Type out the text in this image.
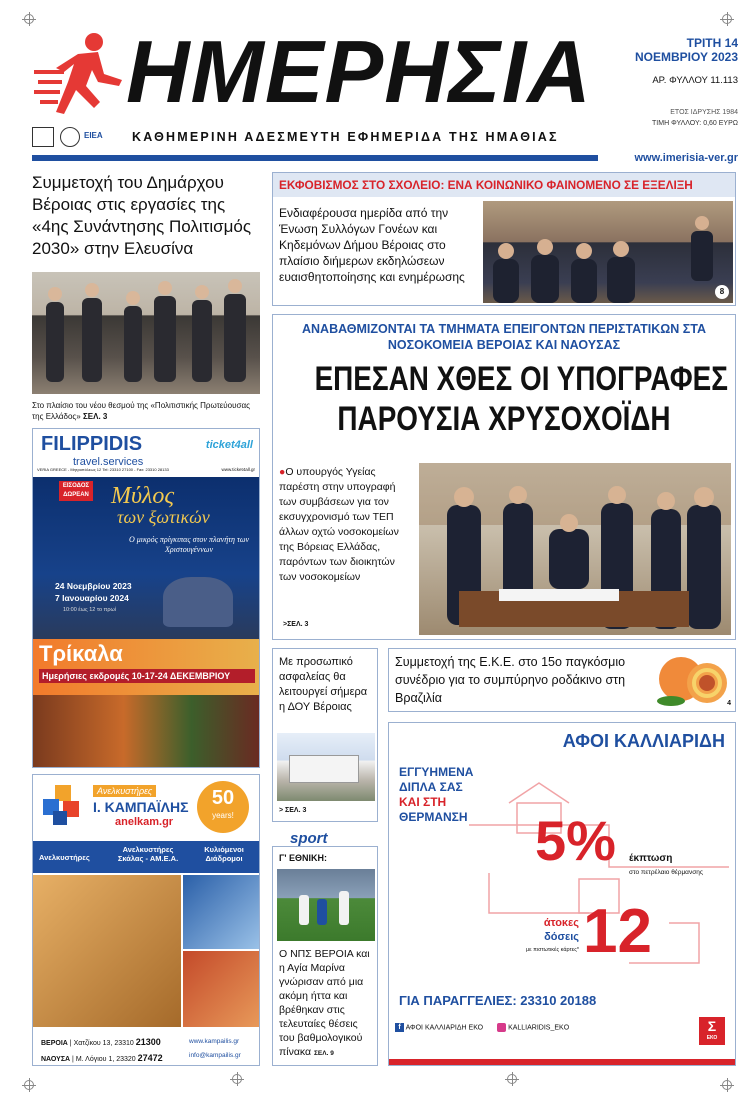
ΗΜΕΡΗΣΙΑ
ΕΙΕΑ ΚΑΘΗΜΕΡΙΝΗ ΑΔΕΣΜΕΥΤΗ ΕΦΗΜΕΡΙΔΑ ΤΗΣ ΗΜΑΘΙΑΣ
ΤΡΙΤΗ 14
ΝΟΕΜΒΡΙΟΥ 2023
ΑΡ. ΦΥΛΛΟΥ 11.113
ΕΤΟΣ ΙΔΡΥΣΗΣ 1984
ΤΙΜΗ ΦΥΛΛΟΥ: 0,60 ΕΥΡΩ
www.imerisia-ver.gr
Συμμετοχή του Δημάρχου Βέροιας στις εργασίες της «4ης Συνάντησης Πολιτισμός 2030» στην Ελευσίνα
Στο πλαίσιο του νέου θεσμού της «Πολιτιστικής Πρωτεύουσας της Ελλάδος» ΣΕΛ. 3
FILIPPIDIS
travel.services
ticket4all
VERIA GREECE - Μητροπόλεως 12 Tel: 23310 27100 - Fax: 23310 28133	www.ticket4all.gr
ΕΙΣΟΔΟΣ ΔΩΡΕΑΝ Μύλος
των ξωτικών
Ο μικρός πρίγκιπας στον πλανήτη των Χριστουγέννων
24 Νοεμβρίου 2023
7 Ιανουαρίου 2024
10:00 έως 12 το πρωί
Τρίκαλα
Ημερήσιες εκδρομές 10-17-24 ΔΕΚΕΜΒΡΙΟΥ
Ανελκυστήρες
Ι. ΚΑΜΠΑΪΛΗΣ
anelkam.gr
50
years!
Ανελκυστήρες
Ανελκυστήρες Σκάλας - ΑΜ.Ε.Α.
Κυλιόμενοι Διάδρομοι
ΒΕΡΟΙΑ | Χατζίκου 13, 23310 21300
ΝΑΟΥΣΑ | Μ. Λόγιου 1, 23320 27472
www.kampailis.gr
info@kampailis.gr
ΕΚΦΟΒΙΣΜΟΣ ΣΤΟ ΣΧΟΛΕΙΟ: ΕΝΑ ΚΟΙΝΩΝΙΚΟ ΦΑΙΝΟΜΕΝΟ ΣΕ ΕΞΕΛΙΞΗ
Ενδιαφέρουσα ημερίδα από την Ένωση Συλλόγων Γονέων και Κηδεμόνων Δήμου Βέροιας στο πλαίσιο διήμερων εκδηλώσεων ευαισθητοποίησης και ενημέρωσης
8
ΑΝΑΒΑΘΜΙΖΟΝΤΑΙ ΤΑ ΤΜΗΜΑΤΑ ΕΠΕΙΓΟΝΤΩΝ ΠΕΡΙΣΤΑΤΙΚΩΝ ΣΤΑ ΝΟΣΟΚΟΜΕΙΑ ΒΕΡΟΙΑΣ ΚΑΙ ΝΑΟΥΣΑΣ
ΕΠΕΣΑΝ ΧΘΕΣ ΟΙ ΥΠΟΓΡΑΦΕΣ
ΠΑΡΟΥΣΙΑ ΧΡΥΣΟΧΟΪΔΗ
●Ο υπουργός Υγείας παρέστη στην υπογραφή των συμβάσεων για τον εκσυγχρονισμό των ΤΕΠ άλλων οχτώ νοσοκομείων της Βόρειας Ελλάδας, παρόντων των διοικητών των νοσοκομείων
>ΣΕΛ. 3
Με προσωπικό ασφαλείας θα λειτουργεί σήμερα η ΔΟΥ Βέροιας
> ΣΕΛ. 3
sport
Γ' ΕΘΝΙΚΗ:
Ο ΝΠΣ ΒΕΡΟΙΑ και η Αγία Μαρίνα γνώρισαν από μια ακόμη ήττα και βρέθηκαν στις τελευταίες θέσεις του βαθμολογικού πίνακα ΣΕΛ. 9
Συμμετοχή της Ε.Κ.Ε. στο 15ο παγκόσμιο συνέδριο για το συμπύρηνο ροδάκινο στη Βραζιλία	4
ΑΦΟΙ ΚΑΛΛΙΑΡΙΔΗ
ΕΓΓΥΗΜΕΝΑ
ΔΙΠΛΑ ΣΑΣ
ΚΑΙ ΣΤΗ
ΘΕΡΜΑΝΣΗ 5% έκπτωση
στο πετρέλαιο θέρμανσης
άτοκες
δόσεις
με πιστωτικές κάρτες* 12
ΓΙΑ ΠΑΡΑΓΓΕΛΙΕΣ: 23310 20188
f ΑΦΟΙ ΚΑΛΛΙΑΡΙΔΗ ΕΚΟ	KALLIARIDIS_EKO	Σ
ΕΚΟ
